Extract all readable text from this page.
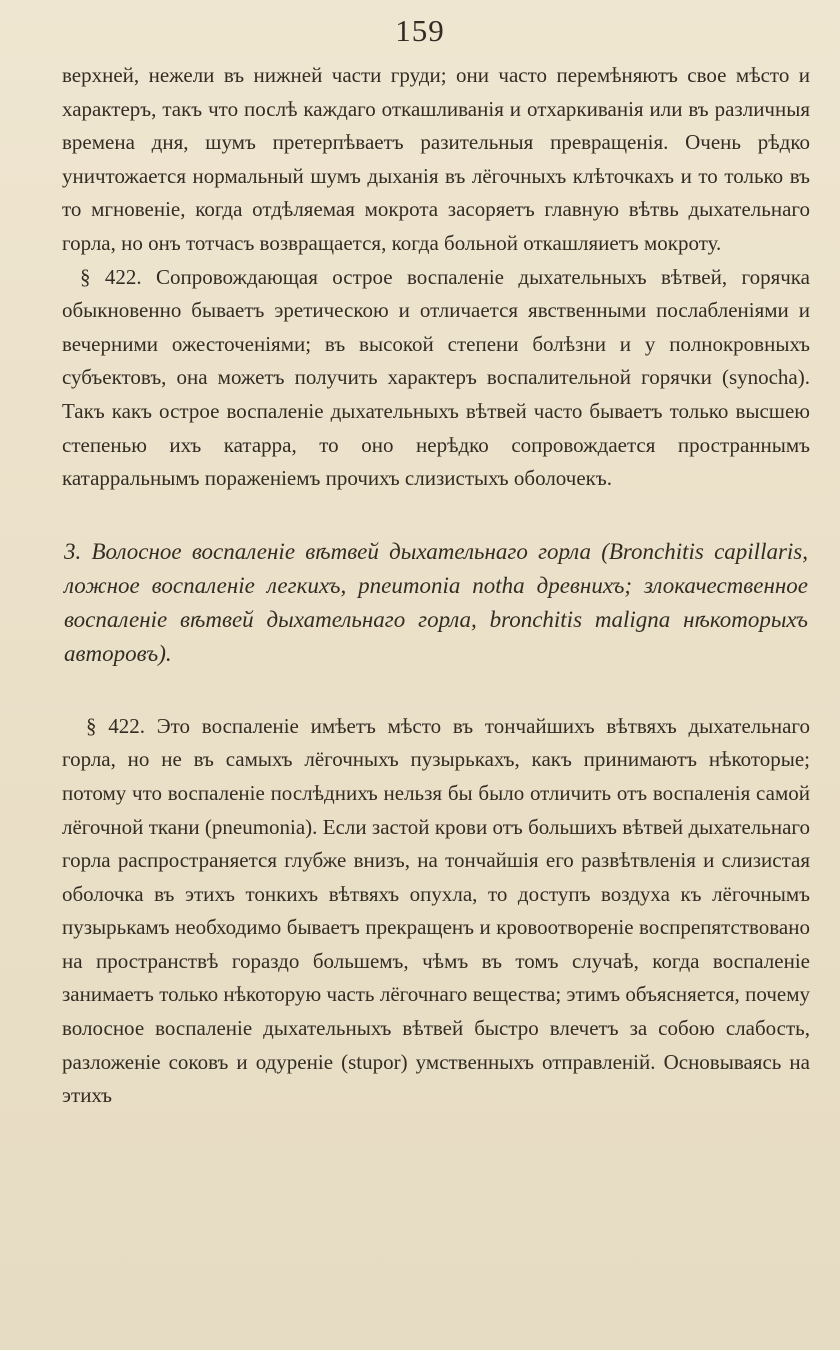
159

верхней, нежели въ нижней части груди; они часто перемѣняютъ свое мѣсто и характеръ, такъ что послѣ каждаго откашливанія и отхаркиванія или въ различныя времена дня, шумъ претерпѣваетъ разительныя превращенія. Очень рѣдко уничтожается нормальный шумъ дыханія въ лёгочныхъ клѣточкахъ и то только въ то мгновеніе, когда отдѣляемая мокрота засоряетъ главную вѣтвь дыхательнаго горла, но онъ тотчасъ возвращается, когда больной откашляиетъ мокроту.

§ 422. Сопровождающая острое воспаленіе дыхательныхъ вѣтвей, горячка обыкновенно бываетъ эретическою и отличается явственными послабленіями и вечерними ожесточеніями; въ высокой степени болѣзни и у полнокровныхъ субъектовъ, она можетъ получить характеръ воспалительной горячки (synocha). Такъ какъ острое воспаленіе дыхательныхъ вѣтвей часто бываетъ только высшею степенью ихъ катарра, то оно нерѣдко сопровождается пространнымъ катарральнымъ пораженіемъ прочихъ слизистыхъ оболочекъ.

3. Волосное воспаленіе вѣтвей дыхательнаго горла (Bronchitis capillaris, ложное воспаленіе легкихъ, pneumonia notha древнихъ; злокачественное воспаленіе вѣтвей дыхательнаго горла, bronchitis maligna нѣкоторыхъ авторовъ).

§ 422. Это воспаленіе имѣетъ мѣсто въ тончайшихъ вѣтвяхъ дыхательнаго горла, но не въ самыхъ лёгочныхъ пузырькахъ, какъ принимаютъ нѣкоторые; потому что воспаленіе послѣднихъ нельзя бы было отличить отъ воспаленія самой лёгочной ткани (pneumonia). Если застой крови отъ большихъ вѣтвей дыхательнаго горла распространяется глубже внизъ, на тончайшія его развѣтвленія и слизистая оболочка въ этихъ тонкихъ вѣтвяхъ опухла, то доступъ воздуха къ лёгочнымъ пузырькамъ необходимо бываетъ прекращенъ и кровоотвореніе воспрепятствовано на пространствѣ гораздо большемъ, чѣмъ въ томъ случаѣ, когда воспаленіе занимаетъ только нѣкоторую часть лёгочнаго вещества; этимъ объясняется, почему волосное воспаленіе дыхательныхъ вѣтвей быстро влечетъ за собою слабость, разложеніе соковъ и одуреніе (stupor) умственныхъ отправленій. Основываясь на этихъ
